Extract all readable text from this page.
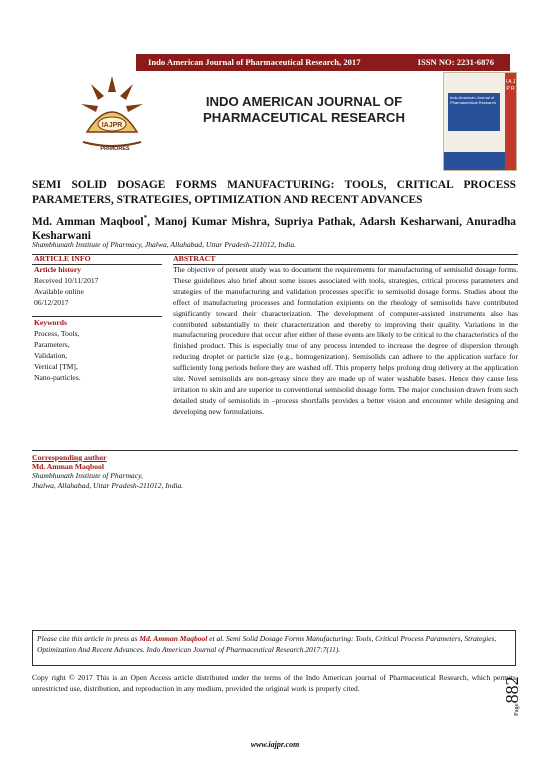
Indo American Journal of Pharmaceutical Research, 2017	ISSN NO: 2231-6876
IAJPR
PRIMORES
INDO AMERICAN JOURNAL OF
PHARMACEUTICAL RESEARCH
I A J P R
Indo American Journal of Pharmaceutical Research
SEMI SOLID DOSAGE FORMS MANUFACTURING: TOOLS, CRITICAL PROCESS PARAMETERS, STRATEGIES, OPTIMIZATION AND RECENT ADVANCES
Md. Amman Maqbool*, Manoj Kumar Mishra, Supriya Pathak, Adarsh Kesharwani, Anuradha Kesharwani
Shambhunath Institute of Pharmacy, Jhalwa, Allahabad, Uttar Pradesh-211012, India.
ARTICLE INFO
Article history
Received 10/11/2017
Available online
06/12/2017
Keywords
Process, Tools,
Parameters,
Validation,
Vertical [TM],
Nano-particles.
ABSTRACT
The objective of present study was to document the requirements for manufacturing of semisolid dosage forms. These guidelines also brief about some issues associated with tools, strategies, critical process parameters and strategies of the manufacturing and validation processes specific to semisolid dosage forms. Studies about the effect of manufacturing processes and formulation exipients on the rheology of semisolids have contributed significantly toward their characterization. The development of computer-assisted instruments also has contributed substantially to their characterization and thereby to improving their quality. Variations in the manufacturing procedure that occur after either of these events are likely to be critical to the characteristics of the finished product. This is especially true of any process intended to increase the degree of dispersion through reducing droplet or particle size (e.g., homogenization). Semisolids can adhere to the application surface for sufficiently long periods before they are washed off. This property helps prolong drug delivery at the application site. Novel semisolids are non-greasy since they are made up of water washable bases. Hence they cause less irritation to skin and are superior to conventional semisolid dosage form. The major conclusion drawn from such detailed study of semisolids in –process shortfalls provides a better vision and encounter while designing and developing new formulations.
Corresponding author
Md. Amman Maqbool
Shambhunath Institute of Pharmacy,
Jhalwa, Allahabad, Uttar Pradesh-211012, India.
Please cite this article in press as Md. Amman Maqbool et al. Semi Solid Dosage Forms Manufacturing: Tools, Critical Process Parameters, Strategies, Optimization And Recent Advances. Indo American Journal of Pharmaceutical Research.2017:7(11).
Copy right © 2017 This is an Open Access article distributed under the terms of the Indo American journal of Pharmaceutical Research, which permits unrestricted use, distribution, and reproduction in any medium, provided the original work is properly cited.
Page882
www.iajpr.com
